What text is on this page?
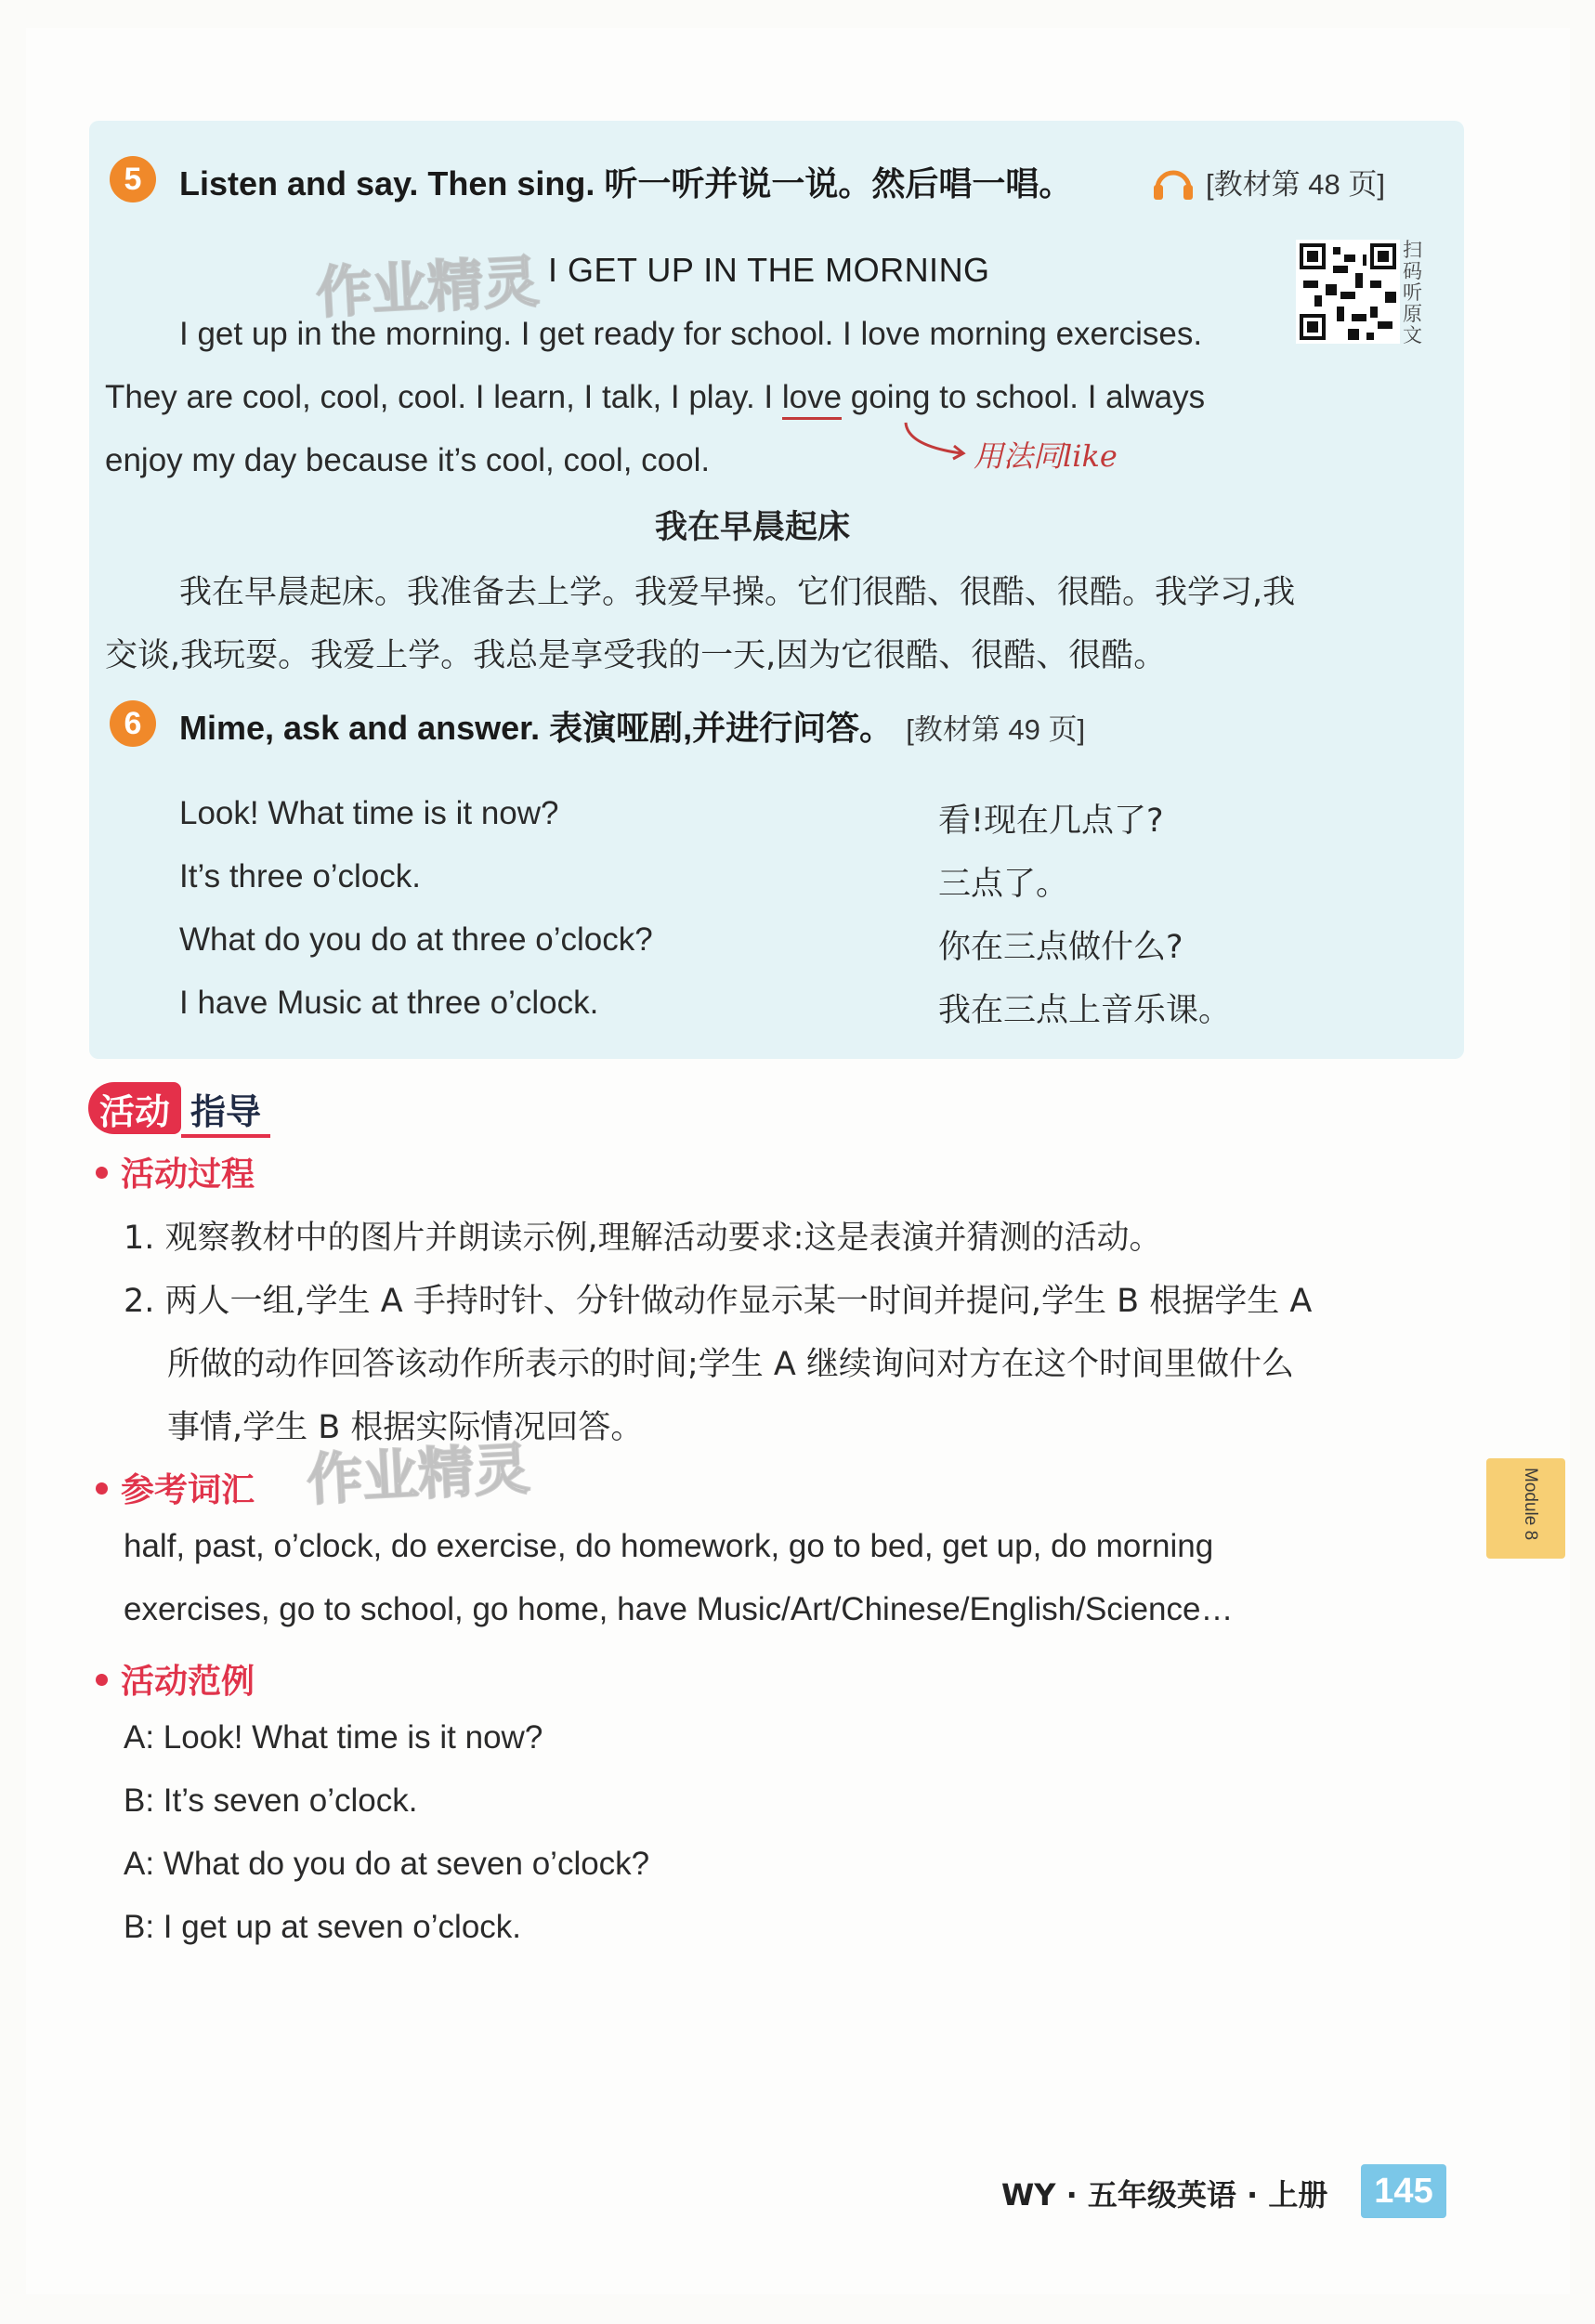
5	Listen and say. Then sing. 听一听并说一说。然后唱一唱。	[教材第 48 页]
作业精灵 I GET UP IN THE MORNING
扫码听原文
I get up in the morning. I get ready for school. I love morning exercises.
They are cool, cool, cool. I learn, I talk, I play. I love going to school. I always
enjoy my day because it’s cool, cool, cool.	用法同like
我在早晨起床
我在早晨起床。我准备去上学。我爱早操。它们很酷、很酷、很酷。我学习,我
交谈,我玩耍。我爱上学。我总是享受我的一天,因为它很酷、很酷、很酷。
6	Mime, ask and answer. 表演哑剧,并进行问答。 [教材第 49 页]
Look! What time is it now?	看!现在几点了?
It’s three o’clock.	三点了。
What do you do at three o’clock?	你在三点做什么?
I have Music at three o’clock.	我在三点上音乐课。
活动 指导
活动过程
1. 观察教材中的图片并朗读示例,理解活动要求:这是表演并猜测的活动。
2. 两人一组,学生 A 手持时针、分针做动作显示某一时间并提问,学生 B 根据学生 A
所做的动作回答该动作所表示的时间;学生 A 继续询问对方在这个时间里做什么
事情,学生 B 根据实际情况回答。
作业精灵
参考词汇
half, past, o’clock, do exercise, do homework, go to bed, get up, do morning
exercises, go to school, go home, have Music/Art/Chinese/English/Science…
Module 8
活动范例
A: Look! What time is it now?
B: It’s seven o’clock.
A: What do you do at seven o’clock?
B: I get up at seven o’clock.
WY · 五年级英语 · 上册	145
